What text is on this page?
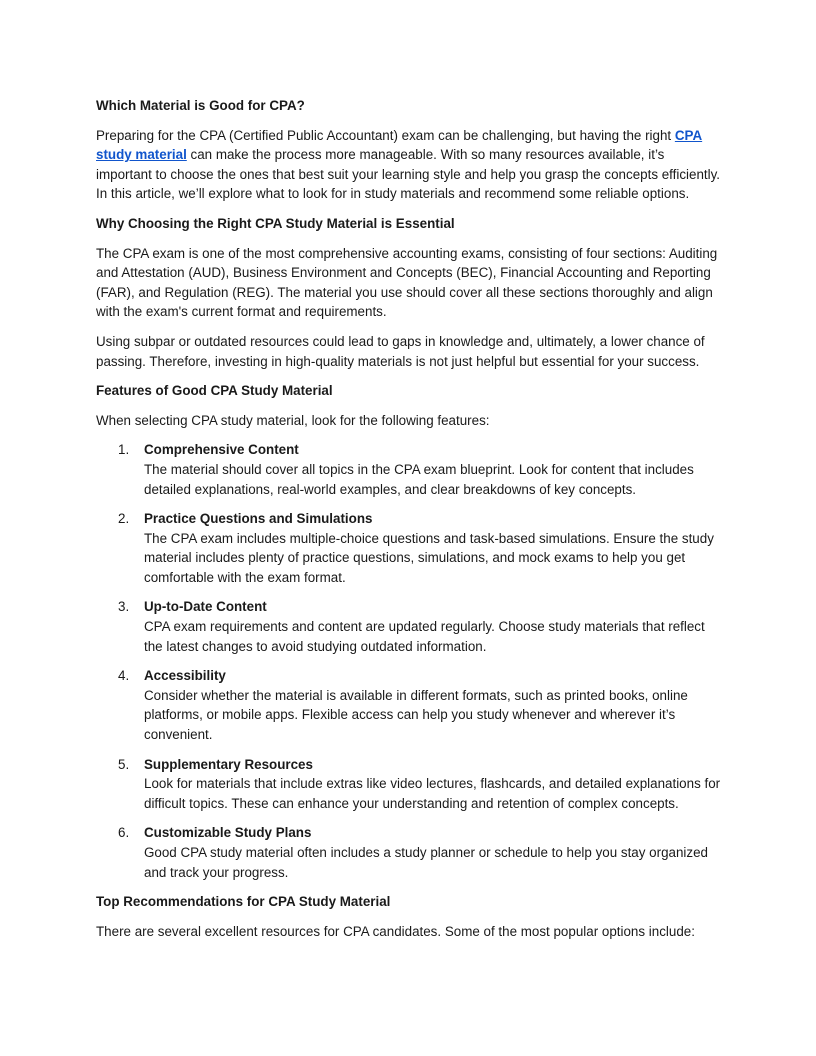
Which Material is Good for CPA?

Preparing for the CPA (Certified Public Accountant) exam can be challenging, but having the right CPA study material can make the process more manageable. With so many resources available, it’s important to choose the ones that best suit your learning style and help you grasp the concepts efficiently. In this article, we’ll explore what to look for in study materials and recommend some reliable options.

Why Choosing the Right CPA Study Material is Essential

The CPA exam is one of the most comprehensive accounting exams, consisting of four sections: Auditing and Attestation (AUD), Business Environment and Concepts (BEC), Financial Accounting and Reporting (FAR), and Regulation (REG). The material you use should cover all these sections thoroughly and align with the exam's current format and requirements.

Using subpar or outdated resources could lead to gaps in knowledge and, ultimately, a lower chance of passing. Therefore, investing in high-quality materials is not just helpful but essential for your success.

Features of Good CPA Study Material

When selecting CPA study material, look for the following features:

1. Comprehensive Content
The material should cover all topics in the CPA exam blueprint. Look for content that includes detailed explanations, real-world examples, and clear breakdowns of key concepts.
2. Practice Questions and Simulations
The CPA exam includes multiple-choice questions and task-based simulations. Ensure the study material includes plenty of practice questions, simulations, and mock exams to help you get comfortable with the exam format.
3. Up-to-Date Content
CPA exam requirements and content are updated regularly. Choose study materials that reflect the latest changes to avoid studying outdated information.
4. Accessibility
Consider whether the material is available in different formats, such as printed books, online platforms, or mobile apps. Flexible access can help you study whenever and wherever it’s convenient.
5. Supplementary Resources
Look for materials that include extras like video lectures, flashcards, and detailed explanations for difficult topics. These can enhance your understanding and retention of complex concepts.
6. Customizable Study Plans
Good CPA study material often includes a study planner or schedule to help you stay organized and track your progress.
Top Recommendations for CPA Study Material

There are several excellent resources for CPA candidates. Some of the most popular options include:
